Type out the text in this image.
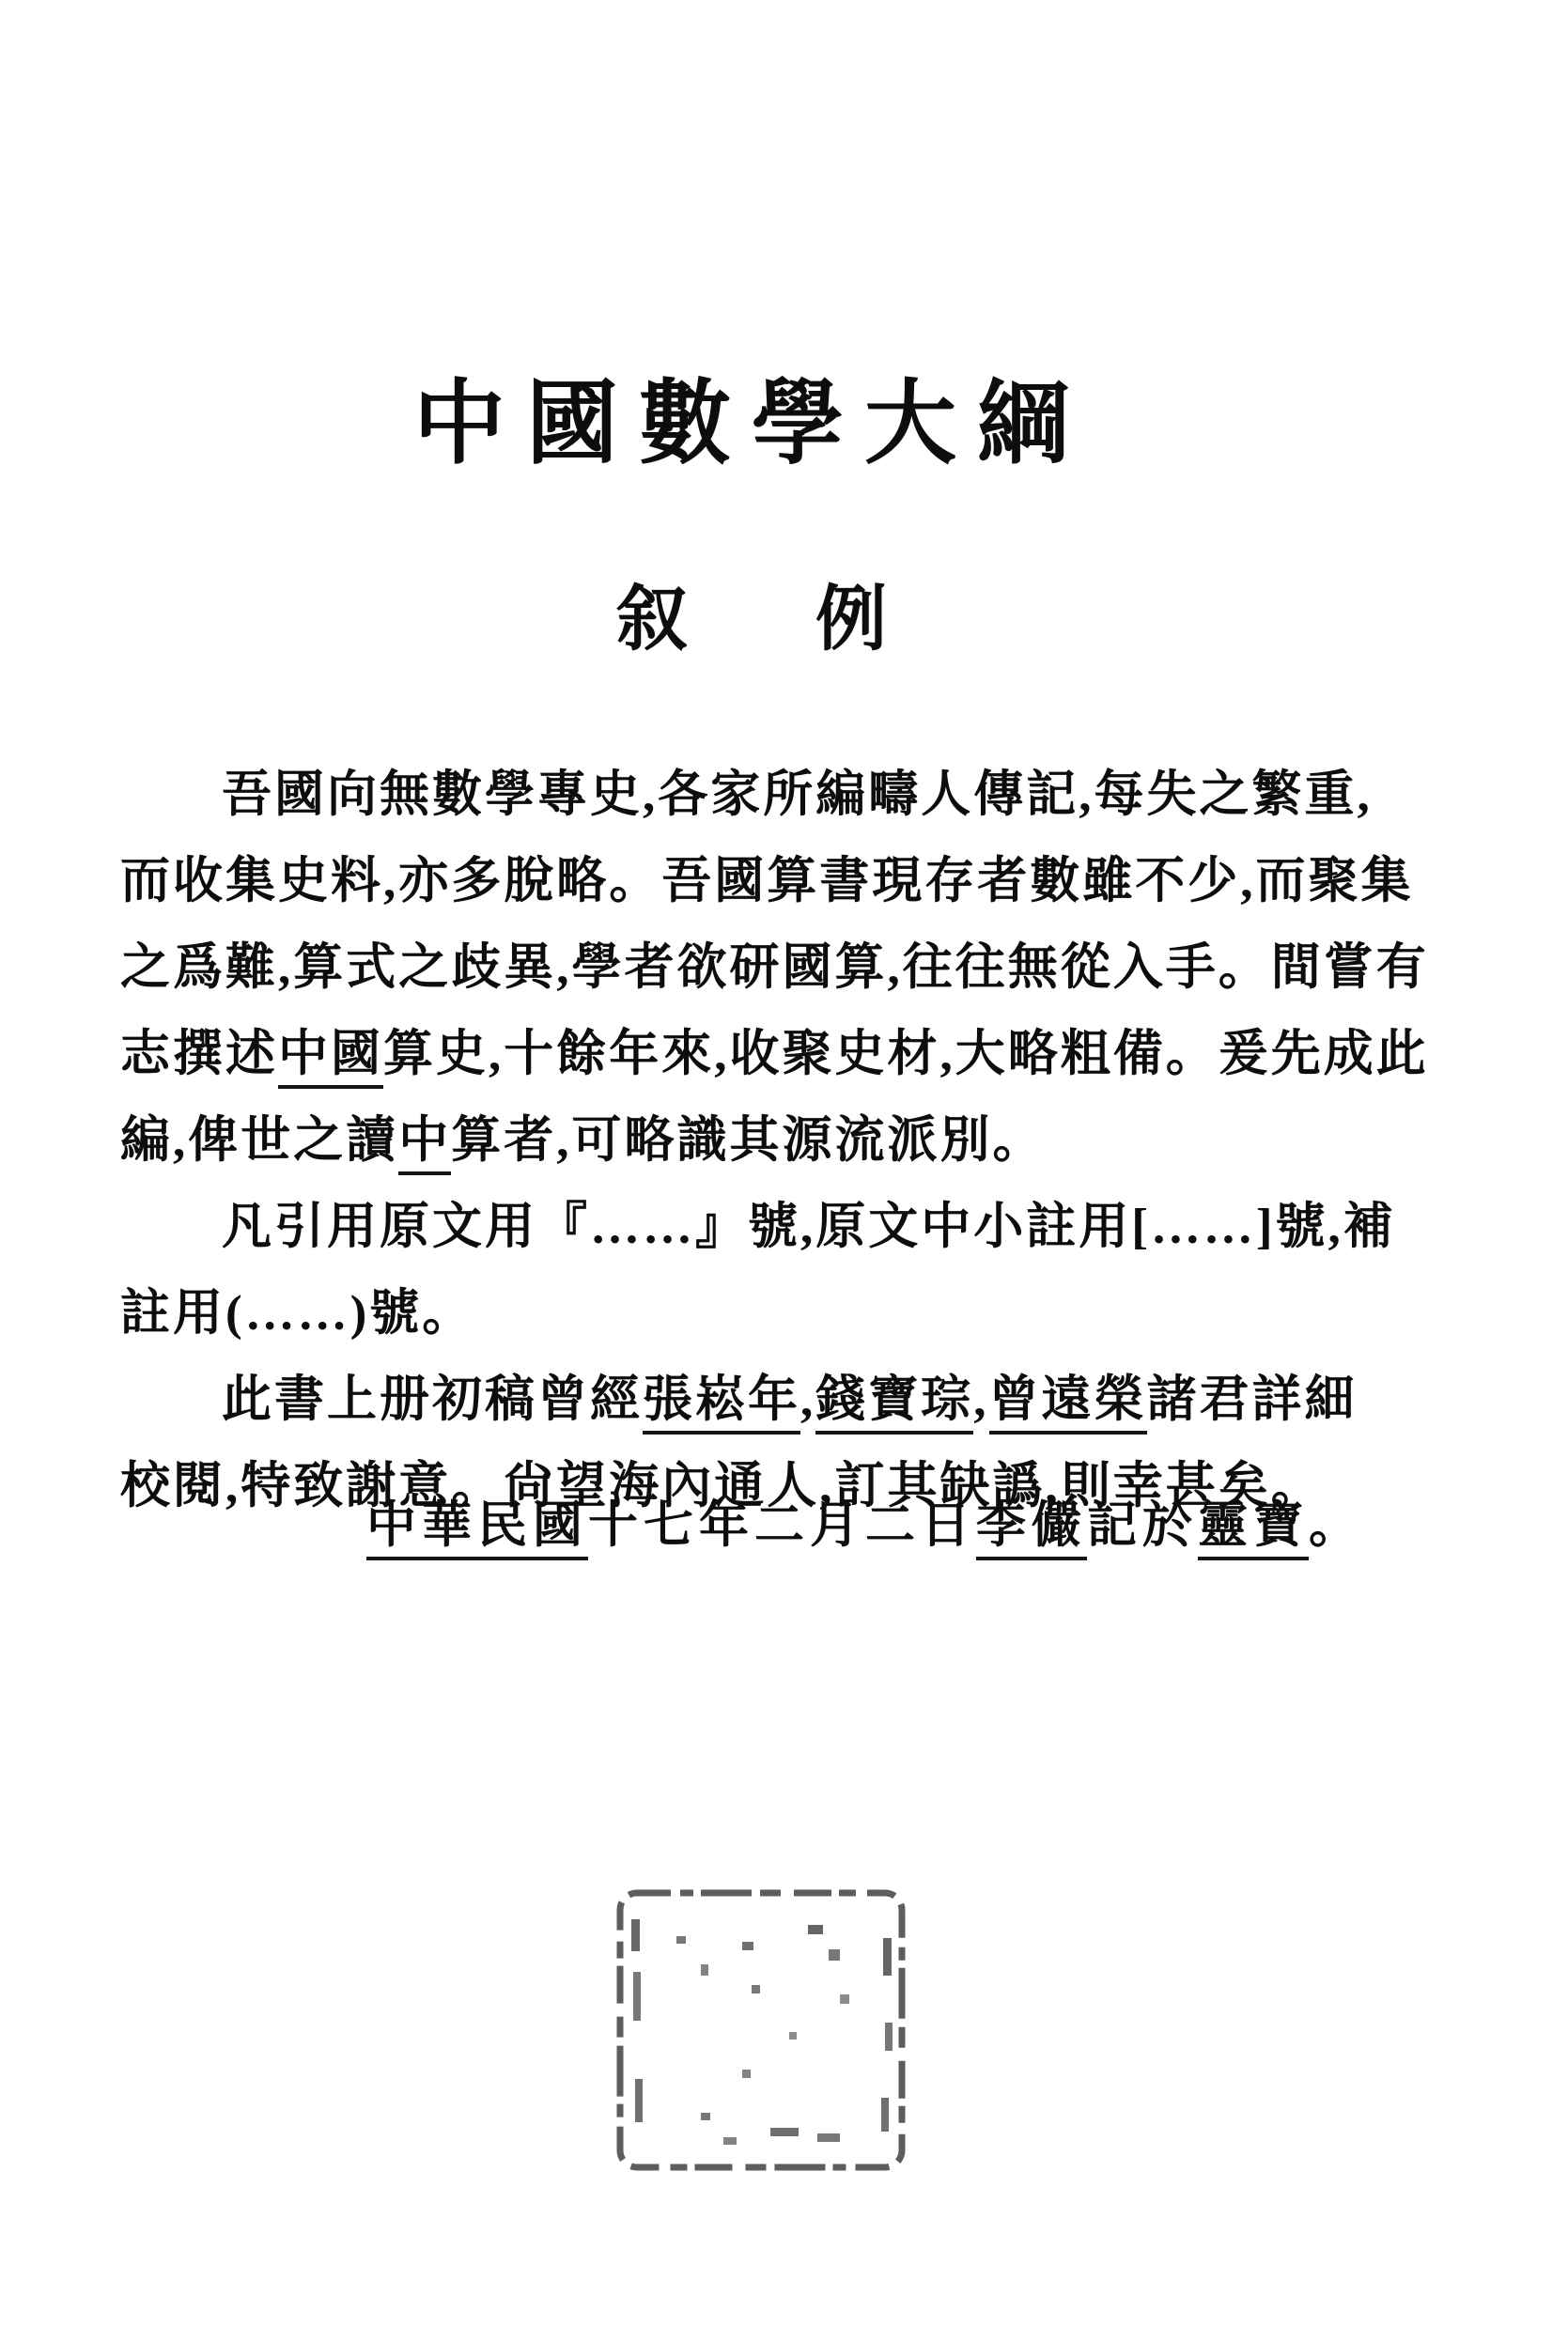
中國數學大綱
叙 例
吾國向無數學專史,各家所編疇人傳記,每失之繁重,
而收集史料,亦多脫略。吾國算書現存者數雖不少,而聚集
之爲難,算式之歧異,學者欲研國算,往往無從入手。間嘗有
志撰述中國算史,十餘年來,收聚史材,大略粗備。爰先成此
編,俾世之讀中算者,可略識其源流派別。
凡引用原文用『……』號,原文中小註用[……]號,補
註用(……)號。
此書上册初稿曾經張崧年,錢寶琮,曾遠榮諸君詳細
校閱,特致謝意。尙望海內通人,訂其缺譌,則幸甚矣。
中華民國十七年二月二日李儼記於靈寶。
